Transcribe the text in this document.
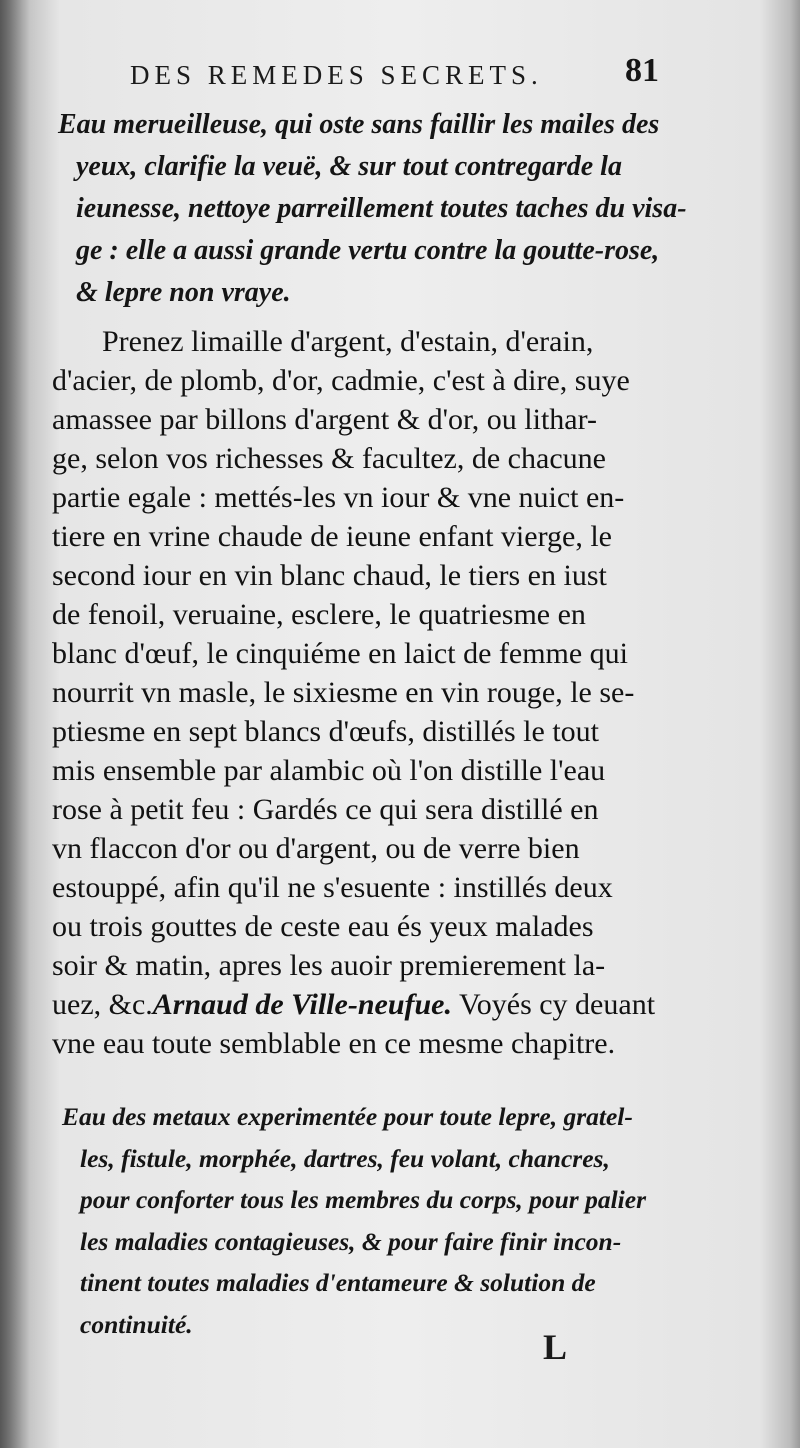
DES REMEDES SECRETS.	81
Eau merueilleuse, qui oste sans faillir les mailes des
yeux, clarifie la veuë, & sur tout contregarde la
ieunesse, nettoye parreillement toutes taches du visa-
ge : elle a aussi grande vertu contre la goutte-rose,
& lepre non vraye.
Prenez limaille d'argent, d'estain, d'erain,
d'acier, de plomb, d'or, cadmie, c'est à dire, suye
amassee par billons d'argent & d'or, ou lithar-
ge, selon vos richesses & facultez, de chacune
partie egale : mettés-les vn iour & vne nuict en-
tiere en vrine chaude de ieune enfant vierge, le
second iour en vin blanc chaud, le tiers en iust
de fenoil, veruaine, esclere, le quatriesme en
blanc d'œuf, le cinquiéme en laict de femme qui
nourrit vn masle, le sixiesme en vin rouge, le se-
ptiesme en sept blancs d'œufs, distillés le tout
mis ensemble par alambic où l'on distille l'eau
rose à petit feu : Gardés ce qui sera distillé en
vn flaccon d'or ou d'argent, ou de verre bien
estouppé, afin qu'il ne s'esuente : instillés deux
ou trois gouttes de ceste eau és yeux malades
soir & matin, apres les auoir premierement la-
uez, &c.Arnaud de Ville-neufue. Voyés cy deuant
vne eau toute semblable en ce mesme chapitre.
Eau des metaux experimentée pour toute lepre, gratel-
les, fistule, morphée, dartres, feu volant, chancres,
pour conforter tous les membres du corps, pour palier
les maladies contagieuses, & pour faire finir incon-
tinent toutes maladies d'entameure & solution de
continuité.
L
